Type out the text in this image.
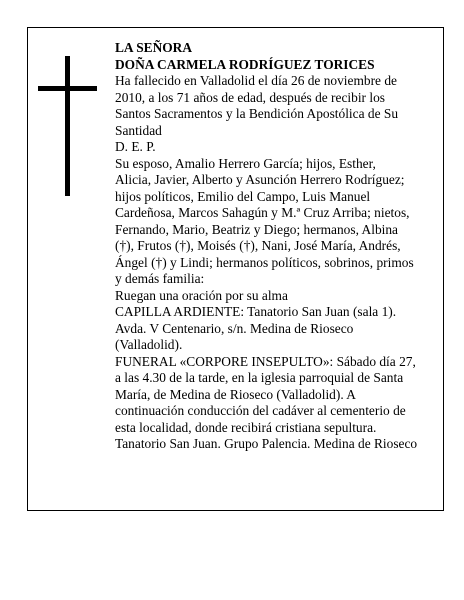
LA SEÑORA
DOÑA CARMELA RODRÍGUEZ TORICES
Ha fallecido en Valladolid el día 26 de noviembre de
2010, a los 71 años de edad, después de recibir los
Santos Sacramentos y la Bendición Apostólica de Su
Santidad
D. E. P.
Su esposo, Amalio Herrero García; hijos, Esther,
Alicia, Javier, Alberto y Asunción Herrero Rodríguez;
hijos políticos, Emilio del Campo, Luis Manuel
Cardeñosa, Marcos Sahagún y M.ª Cruz Arriba; nietos,
Fernando, Mario, Beatriz y Diego; hermanos, Albina
(†), Frutos (†), Moisés (†), Nani, José María, Andrés,
Ángel (†) y Lindi; hermanos políticos, sobrinos, primos
y demás familia:
Ruegan una oración por su alma
CAPILLA ARDIENTE: Tanatorio San Juan (sala 1).
Avda. V Centenario, s/n. Medina de Rioseco
(Valladolid).
FUNERAL «CORPORE INSEPULTO»: Sábado día 27,
a las 4.30 de la tarde, en la iglesia parroquial de Santa
María, de Medina de Rioseco (Valladolid). A
continuación conducción del cadáver al cementerio de
esta localidad, donde recibirá cristiana sepultura.
Tanatorio San Juan. Grupo Palencia. Medina de Rioseco
